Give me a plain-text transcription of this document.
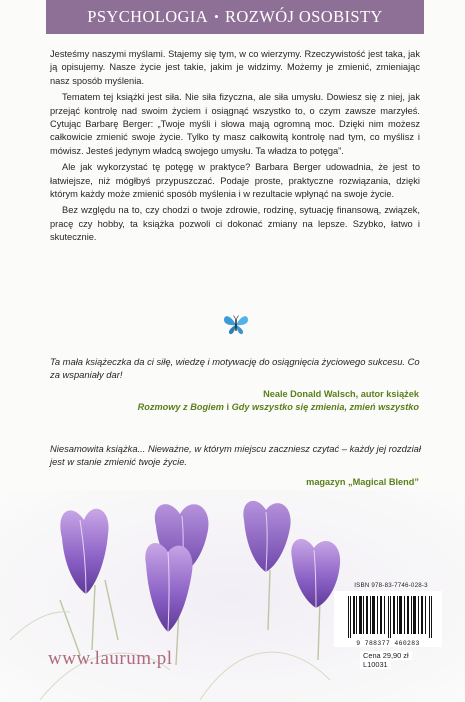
PSYCHOLOGIA • ROZWÓJ OSOBISTY

Jesteśmy naszymi myślami. Stajemy się tym, w co wierzymy. Rzeczywistość jest taka, jak ją opisujemy. Nasze życie jest takie, jakim je widzimy. Możemy je zmienić, zmieniając nasz sposób myślenia.

Tematem tej książki jest siła. Nie siła fizyczna, ale siła umysłu. Dowiesz się z niej, jak przejąć kontrolę nad swoim życiem i osiągnąć wszystko to, o czym zawsze marzyłeś. Cytując Barbarę Berger: „Twoje myśli i słowa mają ogromną moc. Dzięki nim możesz całkowicie zmienić swoje życie. Tylko ty masz całkowitą kontrolę nad tym, co myślisz i mówisz. Jesteś jedynym władcą swojego umysłu. Ta władza to potęga”.

Ale jak wykorzystać tę potęgę w praktyce? Barbara Berger udowadnia, że jest to łatwiejsze, niż mógłbyś przypuszczać. Podaje proste, praktyczne rozwiązania, dzięki którym każdy może zmienić sposób myślenia i w rezultacie wpłynąć na swoje życie.

Bez względu na to, czy chodzi o twoje zdrowie, rodzinę, sytuację finansową, związek, pracę czy hobby, ta książka pozwoli ci dokonać zmiany na lepsze. Szybko, łatwo i skutecznie.

Ta mała książeczka da ci siłę, wiedzę i motywację do osiągnięcia życiowego sukcesu. Co za wspaniały dar!

Neale Donald Walsch, autor książek
Rozmowy z Bogiem i Gdy wszystko się zmienia, zmień wszystko

Niesamowita książka... Nieważne, w którym miejscu zaczniesz czytać – każdy jej rozdział jest w stanie zmienić twoje życie.

magazyn „Magical Blend”
www.laurum.pl
ISBN 978-83-7746-028-3
9 788377 460283
Cena 29,90 zł
L10031
